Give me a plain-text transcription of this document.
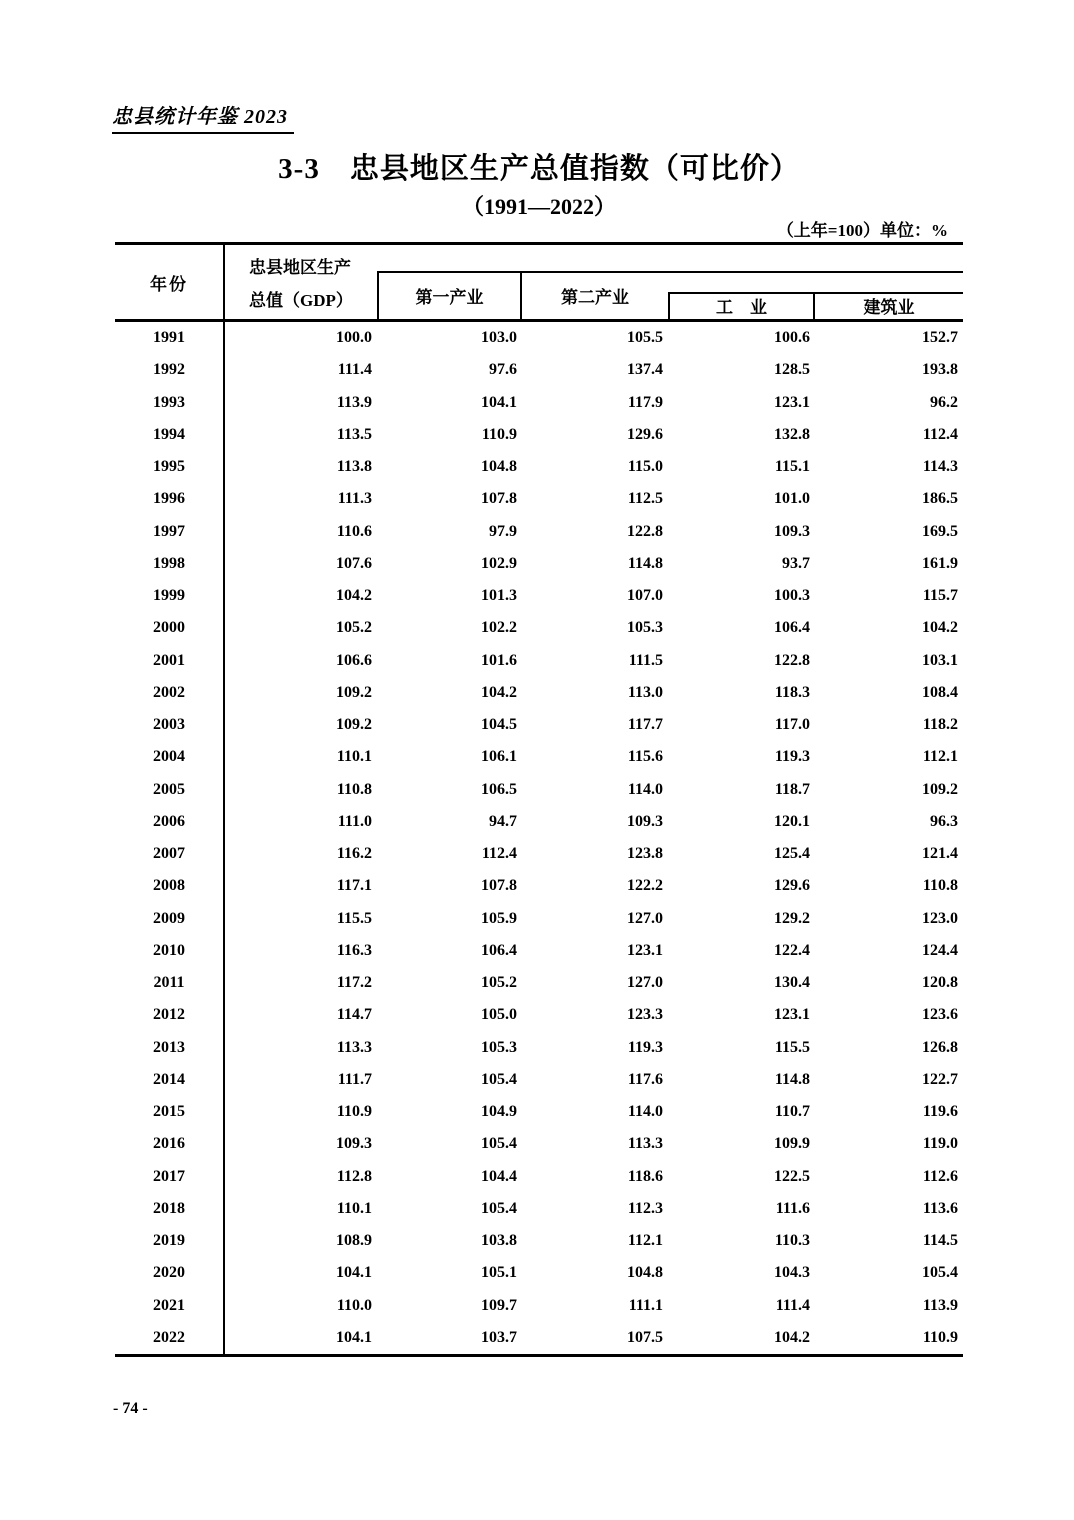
忠县统计年鉴 2023
3-3　忠县地区生产总值指数（可比价）
（1991—2022）
（上年=100）单位：%
年份
忠县地区生产
总值（GDP）	第一产业	第二产业
工　业	建筑业
1991	100.0	103.0	105.5	100.6	152.7
1992	111.4	97.6	137.4	128.5	193.8
1993	113.9	104.1	117.9	123.1	96.2
1994	113.5	110.9	129.6	132.8	112.4
1995	113.8	104.8	115.0	115.1	114.3
1996	111.3	107.8	112.5	101.0	186.5
1997	110.6	97.9	122.8	109.3	169.5
1998	107.6	102.9	114.8	93.7	161.9
1999	104.2	101.3	107.0	100.3	115.7
2000	105.2	102.2	105.3	106.4	104.2
2001	106.6	101.6	111.5	122.8	103.1
2002	109.2	104.2	113.0	118.3	108.4
2003	109.2	104.5	117.7	117.0	118.2
2004	110.1	106.1	115.6	119.3	112.1
2005	110.8	106.5	114.0	118.7	109.2
2006	111.0	94.7	109.3	120.1	96.3
2007	116.2	112.4	123.8	125.4	121.4
2008	117.1	107.8	122.2	129.6	110.8
2009	115.5	105.9	127.0	129.2	123.0
2010	116.3	106.4	123.1	122.4	124.4
2011	117.2	105.2	127.0	130.4	120.8
2012	114.7	105.0	123.3	123.1	123.6
2013	113.3	105.3	119.3	115.5	126.8
2014	111.7	105.4	117.6	114.8	122.7
2015	110.9	104.9	114.0	110.7	119.6
2016	109.3	105.4	113.3	109.9	119.0
2017	112.8	104.4	118.6	122.5	112.6
2018	110.1	105.4	112.3	111.6	113.6
2019	108.9	103.8	112.1	110.3	114.5
2020	104.1	105.1	104.8	104.3	105.4
2021	110.0	109.7	111.1	111.4	113.9
2022	104.1	103.7	107.5	104.2	110.9
- 74 -
